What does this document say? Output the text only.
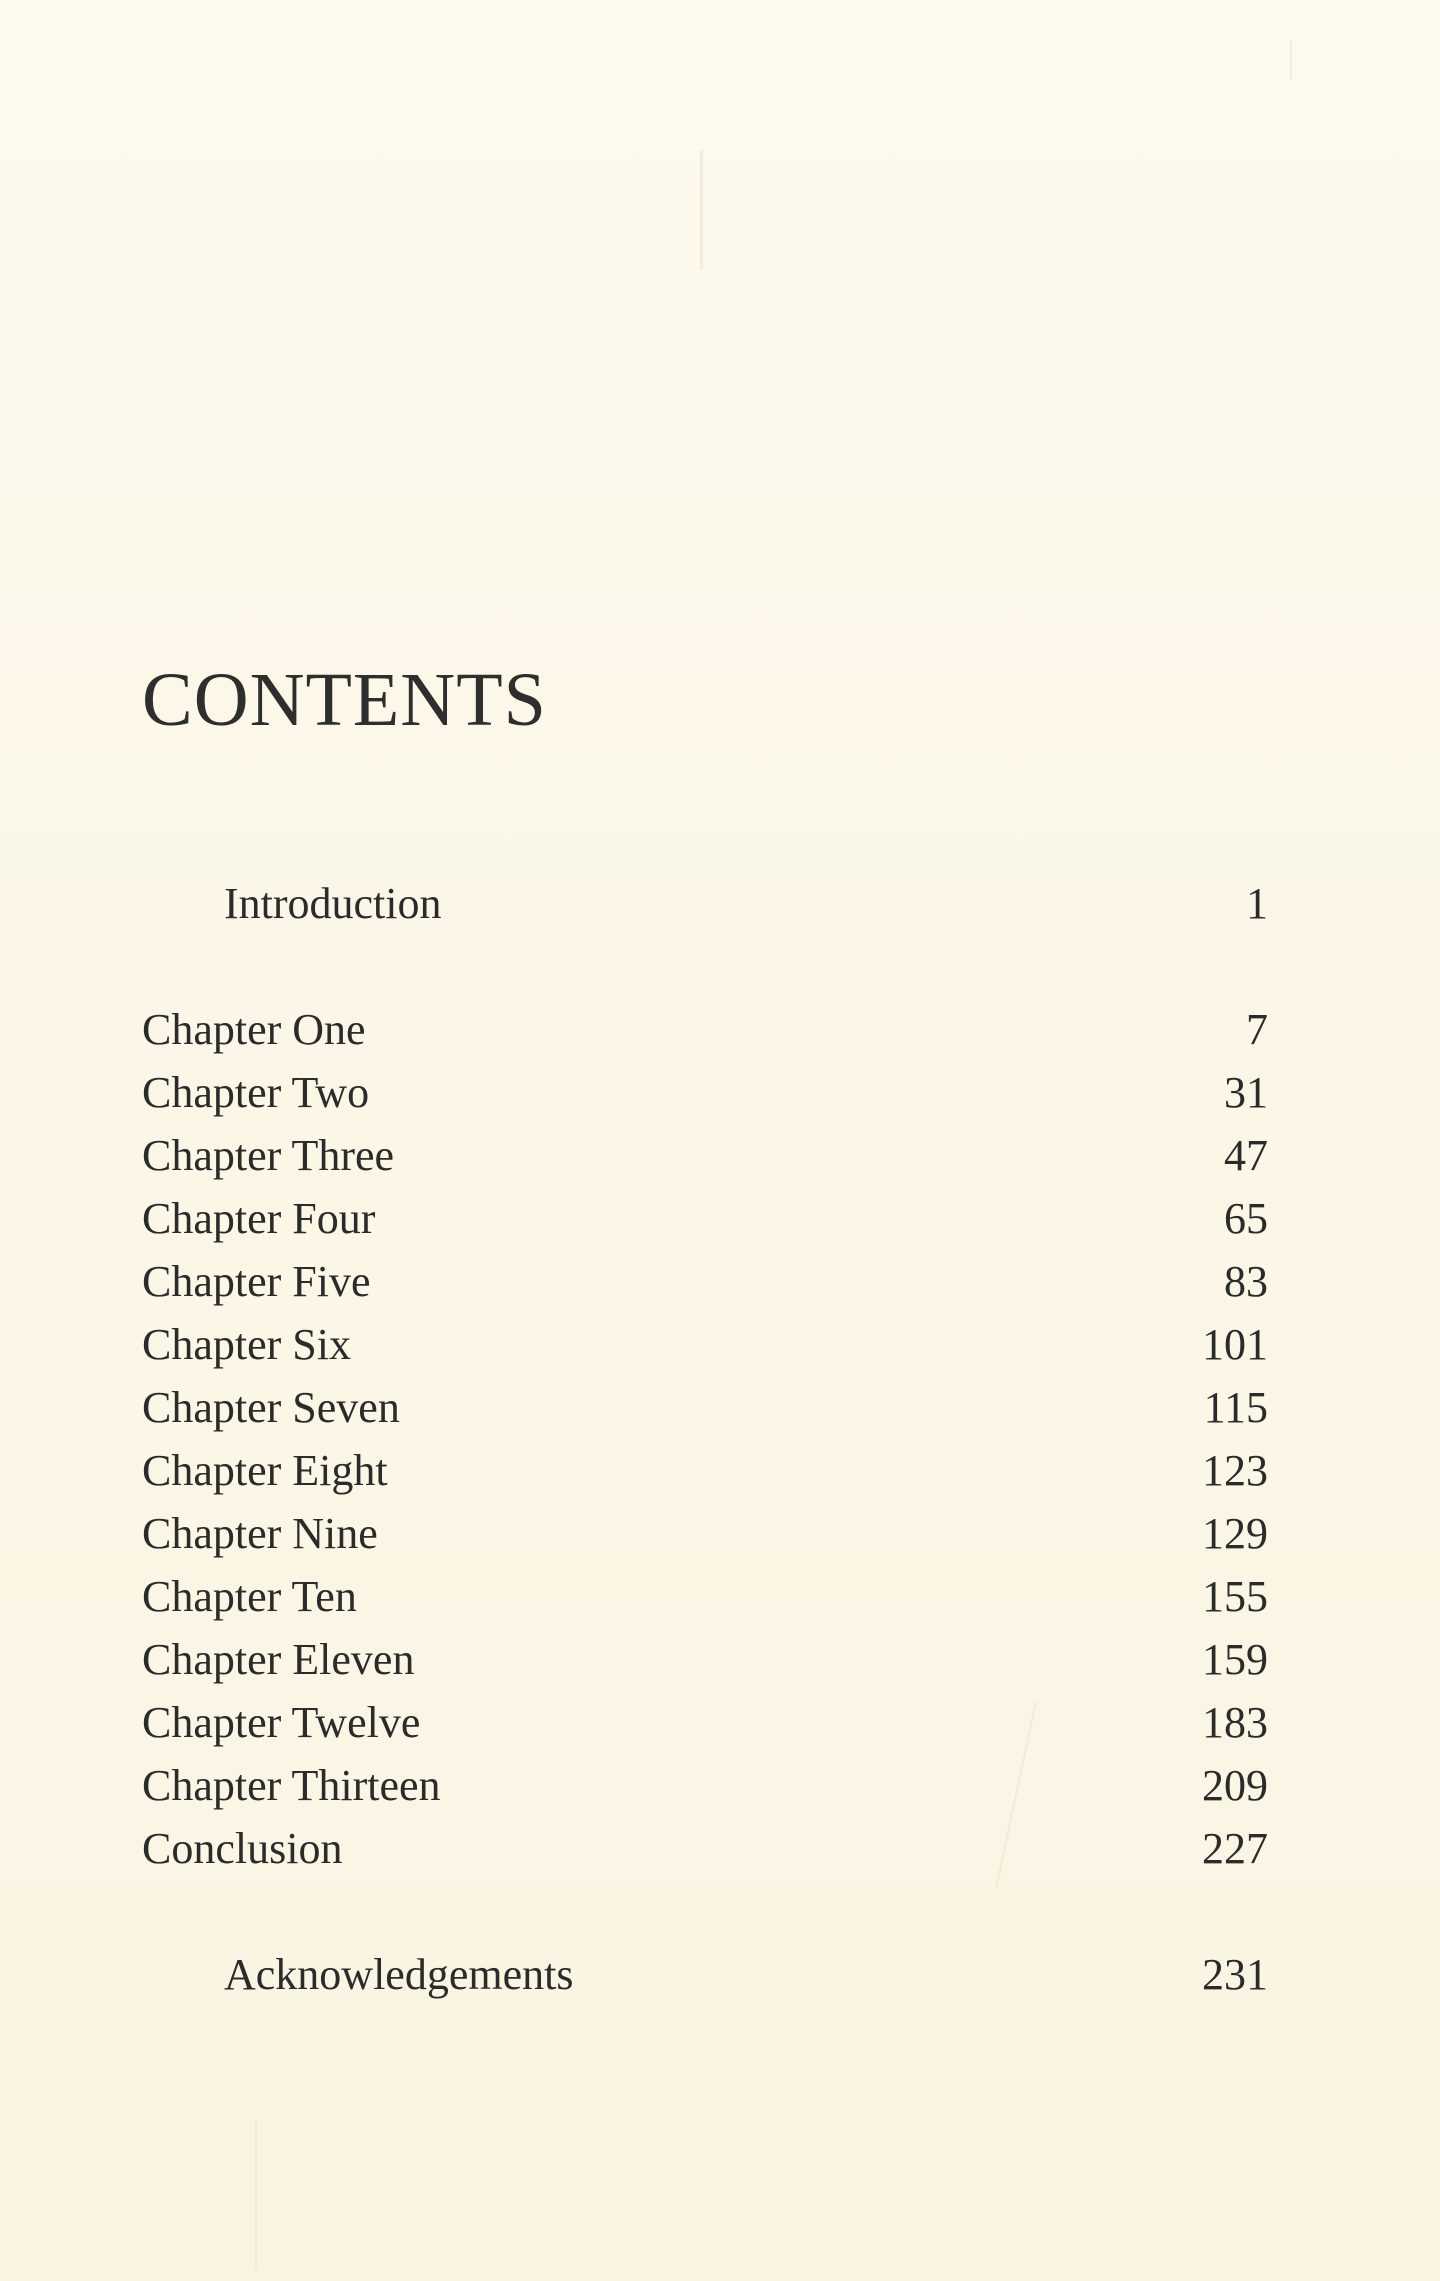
CONTENTS
Introduction	1
Chapter One	7
Chapter Two	31
Chapter Three	47
Chapter Four	65
Chapter Five	83
Chapter Six	101
Chapter Seven	115
Chapter Eight	123
Chapter Nine	129
Chapter Ten	155
Chapter Eleven	159
Chapter Twelve	183
Chapter Thirteen	209
Conclusion	227
Acknowledgements	231
